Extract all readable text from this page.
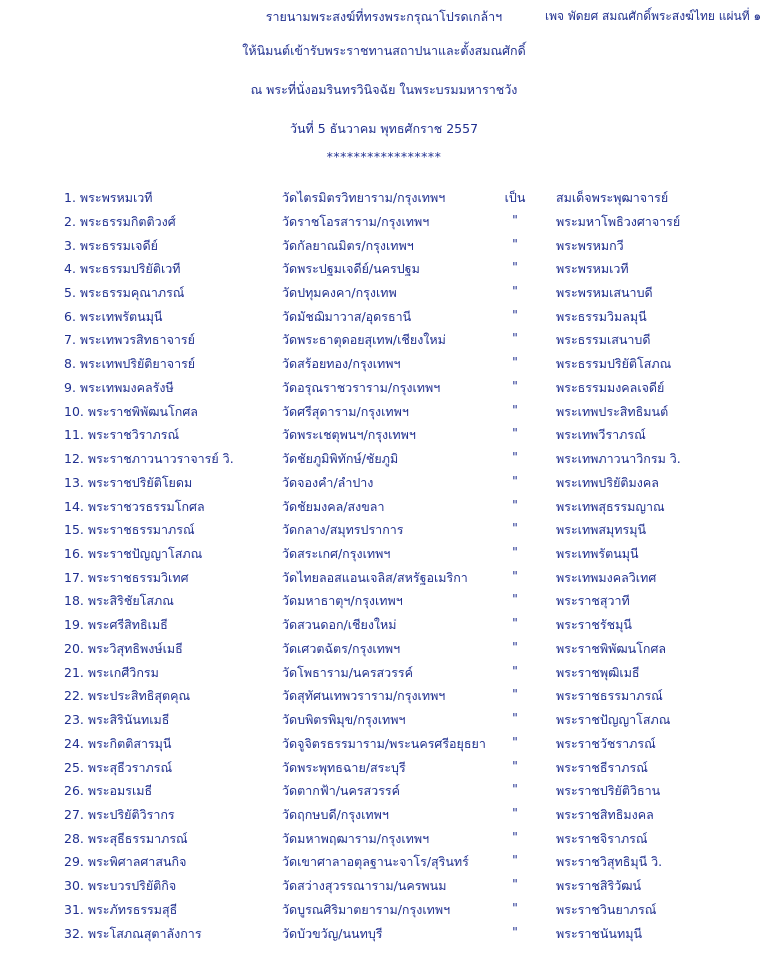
รายนามพระสงฆ์ที่ทรงพระกรุณาโปรดเกล้าฯ	เพจ พัดยศ สมณศักดิ์พระสงฆ์ไทย แผ่นที่ ๑
ให้นิมนต์เข้ารับพระราชทานสถาปนาและตั้งสมณศักดิ์
ณ พระที่นั่งอมรินทรวินิจฉัย ในพระบรมมหาราชวัง
วันที่ 5 ธันวาคม พุทธศักราช 2557
*****************
1. พระพรหมเวที	วัดไตรมิตรวิทยาราม/กรุงเทพฯ	เป็น	สมเด็จพระพุฒาจารย์
2. พระธรรมกิตติวงศ์	วัดราชโอรสาราม/กรุงเทพฯ	"	พระมหาโพธิวงศาจารย์
3. พระธรรมเจดีย์	วัดกัลยาณมิตร/กรุงเทพฯ	"	พระพรหมกวี
4. พระธรรมปริยัติเวที	วัดพระปฐมเจดีย์/นครปฐม	"	พระพรหมเวที
5. พระธรรมคุณาภรณ์	วัดปทุมคงคา/กรุงเทพ	"	พระพรหมเสนาบดี
6. พระเทพรัตนมุนี	วัดมัชฌิมาวาส/อุดรธานี	"	พระธรรมวิมลมุนี
7. พระเทพวรสิทธาจารย์	วัดพระธาตุดอยสุเทพ/เชียงใหม่	"	พระธรรมเสนาบดี
8. พระเทพปริยัติยาจารย์	วัดสร้อยทอง/กรุงเทพฯ	"	พระธรรมปริยัติโสภณ
9. พระเทพมงคลรังษี	วัดอรุณราชวราราม/กรุงเทพฯ	"	พระธรรมมงคลเจดีย์
10. พระราชพิพัฒนโกศล	วัดศรีสุดาราม/กรุงเทพฯ	"	พระเทพประสิทธิมนต์
11. พระราชวิราภรณ์	วัดพระเชตุพนฯ/กรุงเทพฯ	"	พระเทพวีราภรณ์
12. พระราชภาวนาวราจารย์ วิ.	วัดชัยภูมิพิทักษ์/ชัยภูมิ	"	พระเทพภาวนาวิกรม วิ.
13. พระราชปริยัติโยดม	วัดจองคำ/ลำปาง	"	พระเทพปริยัติมงคล
14. พระราชวรธรรมโกศล	วัดชัยมงคล/สงขลา	"	พระเทพสุธรรมญาณ
15. พระราชธรรมาภรณ์	วัดกลาง/สมุทรปราการ	"	พระเทพสมุทรมุนี
16. พระราชปัญญาโสภณ	วัดสระเกศ/กรุงเทพฯ	"	พระเทพรัตนมุนี
17. พระราชธรรมวิเทศ	วัดไทยลอสแอนเจลิส/สหรัฐอเมริกา	"	พระเทพมงคลวิเทศ
18. พระสิริชัยโสภณ	วัดมหาธาตุฯ/กรุงเทพฯ	"	พระราชสุวาที
19. พระศรีสิทธิเมธี	วัดสวนดอก/เชียงใหม่	"	พระราชรัชมุนี
20. พระวิสุทธิพงษ์เมธี	วัดเศวตฉัตร/กรุงเทพฯ	"	พระราชพิพัฒนโกศล
21. พระเกศีวิกรม	วัดโพธาราม/นครสวรรค์	"	พระราชพุฒิเมธี
22. พระประสิทธิสุตคุณ	วัดสุทัศนเทพวราราม/กรุงเทพฯ	"	พระราชธรรมาภรณ์
23. พระสิรินันทเมธี	วัดบพิตรพิมุข/กรุงเทพฯ	"	พระราชปัญญาโสภณ
24. พระกิตติสารมุนี	วัดจูจิตรธรรมาราม/พระนครศรีอยุธยา	"	พระราชวัชราภรณ์
25. พระสุธีวราภรณ์	วัดพระพุทธฉาย/สระบุรี	"	พระราชธีราภรณ์
26. พระอมรเมธี	วัดตากฟ้า/นครสวรรค์	"	พระราชปริยัติวิธาน
27. พระปริยัติวิรากร	วัดฤกษบดี/กรุงเทพฯ	"	พระราชสิทธิมงคล
28. พระสุธีธรรมาภรณ์	วัดมหาพฤฒาราม/กรุงเทพฯ	"	พระราชจิราภรณ์
29. พระพิศาลศาสนกิจ	วัดเขาศาลาอตุลฐานะจาโร/สุรินทร์	"	พระราชวิสุทธิมุนี วิ.
30. พระบวรปริยัติกิจ	วัดสว่างสุวรรณาราม/นครพนม	"	พระราชสิริวัฒน์
31. พระภัทรธรรมสุธี	วัดบูรณศิริมาตยาราม/กรุงเทพฯ	"	พระราชวินยาภรณ์
32. พระโสภณสุตาลังการ	วัดบัวขวัญ/นนทบุรี	"	พระราชนันทมุนี
